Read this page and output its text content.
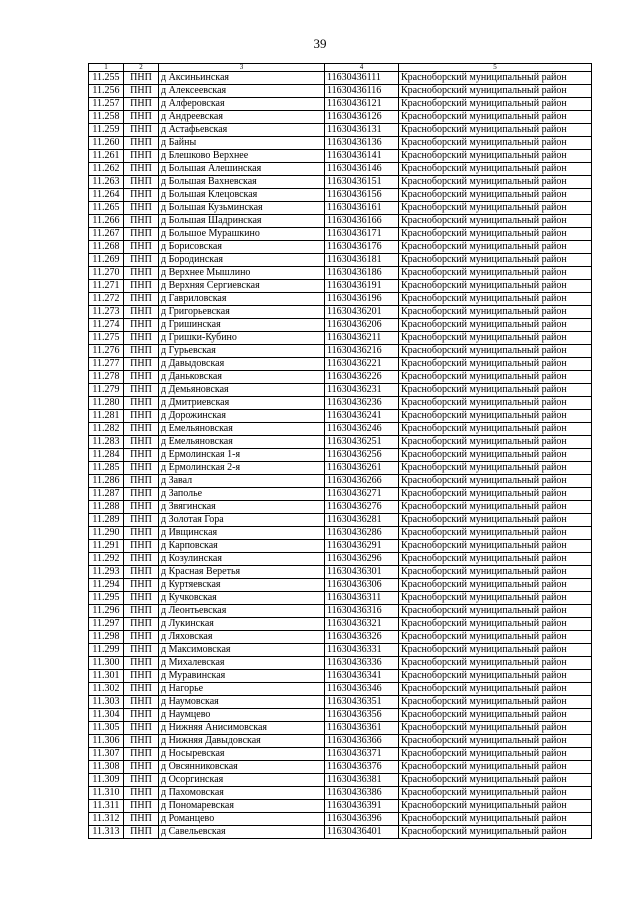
39
1	2	3	4	5
11.255	ПНП	д Аксиньинская	11630436111	Красноборский муниципальный район
11.256	ПНП	д Алексеевская	11630436116	Красноборский муниципальный район
11.257	ПНП	д Алферовская	11630436121	Красноборский муниципальный район
11.258	ПНП	д Андреевская	11630436126	Красноборский муниципальный район
11.259	ПНП	д Астафьевская	11630436131	Красноборский муниципальный район
11.260	ПНП	д Байны	11630436136	Красноборский муниципальный район
11.261	ПНП	д Блешково Верхнее	11630436141	Красноборский муниципальный район
11.262	ПНП	д Большая Алешинская	11630436146	Красноборский муниципальный район
11.263	ПНП	д Большая Вахневская	11630436151	Красноборский муниципальный район
11.264	ПНП	д Большая Клецовская	11630436156	Красноборский муниципальный район
11.265	ПНП	д Большая Кузьминская	11630436161	Красноборский муниципальный район
11.266	ПНП	д Большая Шадринская	11630436166	Красноборский муниципальный район
11.267	ПНП	д Большое Мурашкино	11630436171	Красноборский муниципальный район
11.268	ПНП	д Борисовская	11630436176	Красноборский муниципальный район
11.269	ПНП	д Бородинская	11630436181	Красноборский муниципальный район
11.270	ПНП	д Верхнее Мышлино	11630436186	Красноборский муниципальный район
11.271	ПНП	д Верхняя Сергиевская	11630436191	Красноборский муниципальный район
11.272	ПНП	д Гавриловская	11630436196	Красноборский муниципальный район
11.273	ПНП	д Григорьевская	11630436201	Красноборский муниципальный район
11.274	ПНП	д Гришинская	11630436206	Красноборский муниципальный район
11.275	ПНП	д Гришки-Кубино	11630436211	Красноборский муниципальный район
11.276	ПНП	д Гурьевская	11630436216	Красноборский муниципальный район
11.277	ПНП	д Давыдовская	11630436221	Красноборский муниципальный район
11.278	ПНП	д Даньковская	11630436226	Красноборский муниципальный район
11.279	ПНП	д Демьяновская	11630436231	Красноборский муниципальный район
11.280	ПНП	д Дмитриевская	11630436236	Красноборский муниципальный район
11.281	ПНП	д Дорожинская	11630436241	Красноборский муниципальный район
11.282	ПНП	д Емельяновская	11630436246	Красноборский муниципальный район
11.283	ПНП	д Емельяновская	11630436251	Красноборский муниципальный район
11.284	ПНП	д Ермолинская 1-я	11630436256	Красноборский муниципальный район
11.285	ПНП	д Ермолинская 2-я	11630436261	Красноборский муниципальный район
11.286	ПНП	д Завал	11630436266	Красноборский муниципальный район
11.287	ПНП	д Заполье	11630436271	Красноборский муниципальный район
11.288	ПНП	д Звягинская	11630436276	Красноборский муниципальный район
11.289	ПНП	д Золотая Гора	11630436281	Красноборский муниципальный район
11.290	ПНП	д Ивщинская	11630436286	Красноборский муниципальный район
11.291	ПНП	д Карповская	11630436291	Красноборский муниципальный район
11.292	ПНП	д Козулинская	11630436296	Красноборский муниципальный район
11.293	ПНП	д Красная Веретья	11630436301	Красноборский муниципальный район
11.294	ПНП	д Куртяевская	11630436306	Красноборский муниципальный район
11.295	ПНП	д Кучковская	11630436311	Красноборский муниципальный район
11.296	ПНП	д Леонтьевская	11630436316	Красноборский муниципальный район
11.297	ПНП	д Лукинская	11630436321	Красноборский муниципальный район
11.298	ПНП	д Ляховская	11630436326	Красноборский муниципальный район
11.299	ПНП	д Максимовская	11630436331	Красноборский муниципальный район
11.300	ПНП	д Михалевская	11630436336	Красноборский муниципальный район
11.301	ПНП	д Муравинская	11630436341	Красноборский муниципальный район
11.302	ПНП	д Нагорье	11630436346	Красноборский муниципальный район
11.303	ПНП	д Наумовская	11630436351	Красноборский муниципальный район
11.304	ПНП	д Наумцево	11630436356	Красноборский муниципальный район
11.305	ПНП	д Нижняя Анисимовская	11630436361	Красноборский муниципальный район
11.306	ПНП	д Нижняя Давыдовская	11630436366	Красноборский муниципальный район
11.307	ПНП	д Носыревская	11630436371	Красноборский муниципальный район
11.308	ПНП	д Овсянниковская	11630436376	Красноборский муниципальный район
11.309	ПНП	д Осоргинская	11630436381	Красноборский муниципальный район
11.310	ПНП	д Пахомовская	11630436386	Красноборский муниципальный район
11.311	ПНП	д Пономаревская	11630436391	Красноборский муниципальный район
11.312	ПНП	д Романцево	11630436396	Красноборский муниципальный район
11.313	ПНП	д Савельевская	11630436401	Красноборский муниципальный район
